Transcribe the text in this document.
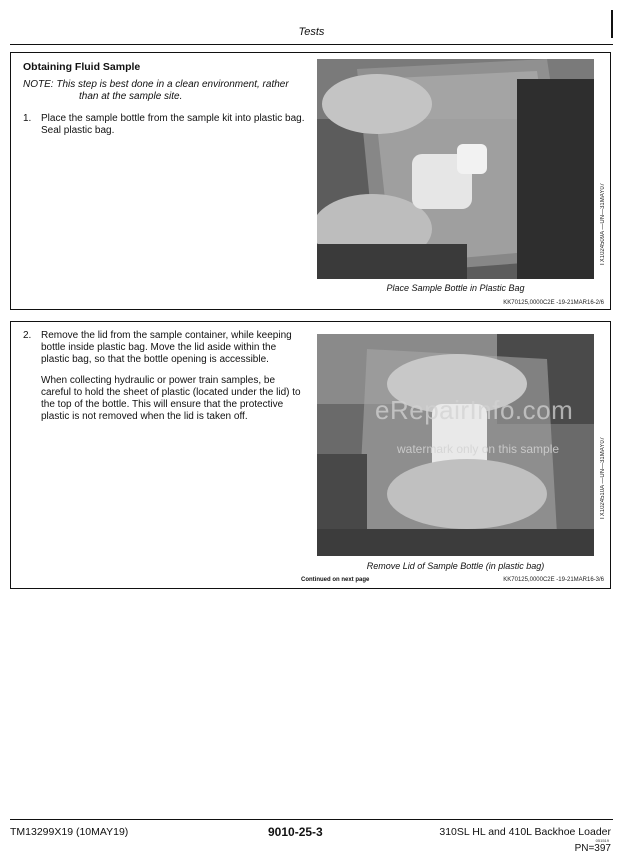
Tests
Obtaining Fluid Sample
NOTE: This step is best done in a clean environment, rather than at the sample site.
1. Place the sample bottle from the sample kit into plastic bag. Seal plastic bag.
TX1024509A —UN—31MAY07
Place Sample Bottle in Plastic Bag
KK70125,0000C2E -19-21MAR16-2/6
2. Remove the lid from the sample container, while keeping bottle inside plastic bag. Move the lid aside within the plastic bag, so that the bottle opening is accessible.
When collecting hydraulic or power train samples, be careful to hold the sheet of plastic (located under the lid) to the top of the bottle. This will ensure that the protective plastic is not removed when the lid is taken off.
TX1024510A —UN—31MAY07
Remove Lid of Sample Bottle (in plastic bag)
Continued on next page	KK70125,0000C2E -19-21MAR16-3/6
eRepairInfo.com
watermark only on this sample
TM13299X19 (10MAY19)	9010-25-3	310SL HL and 410L Backhoe Loader
051519
PN=397
